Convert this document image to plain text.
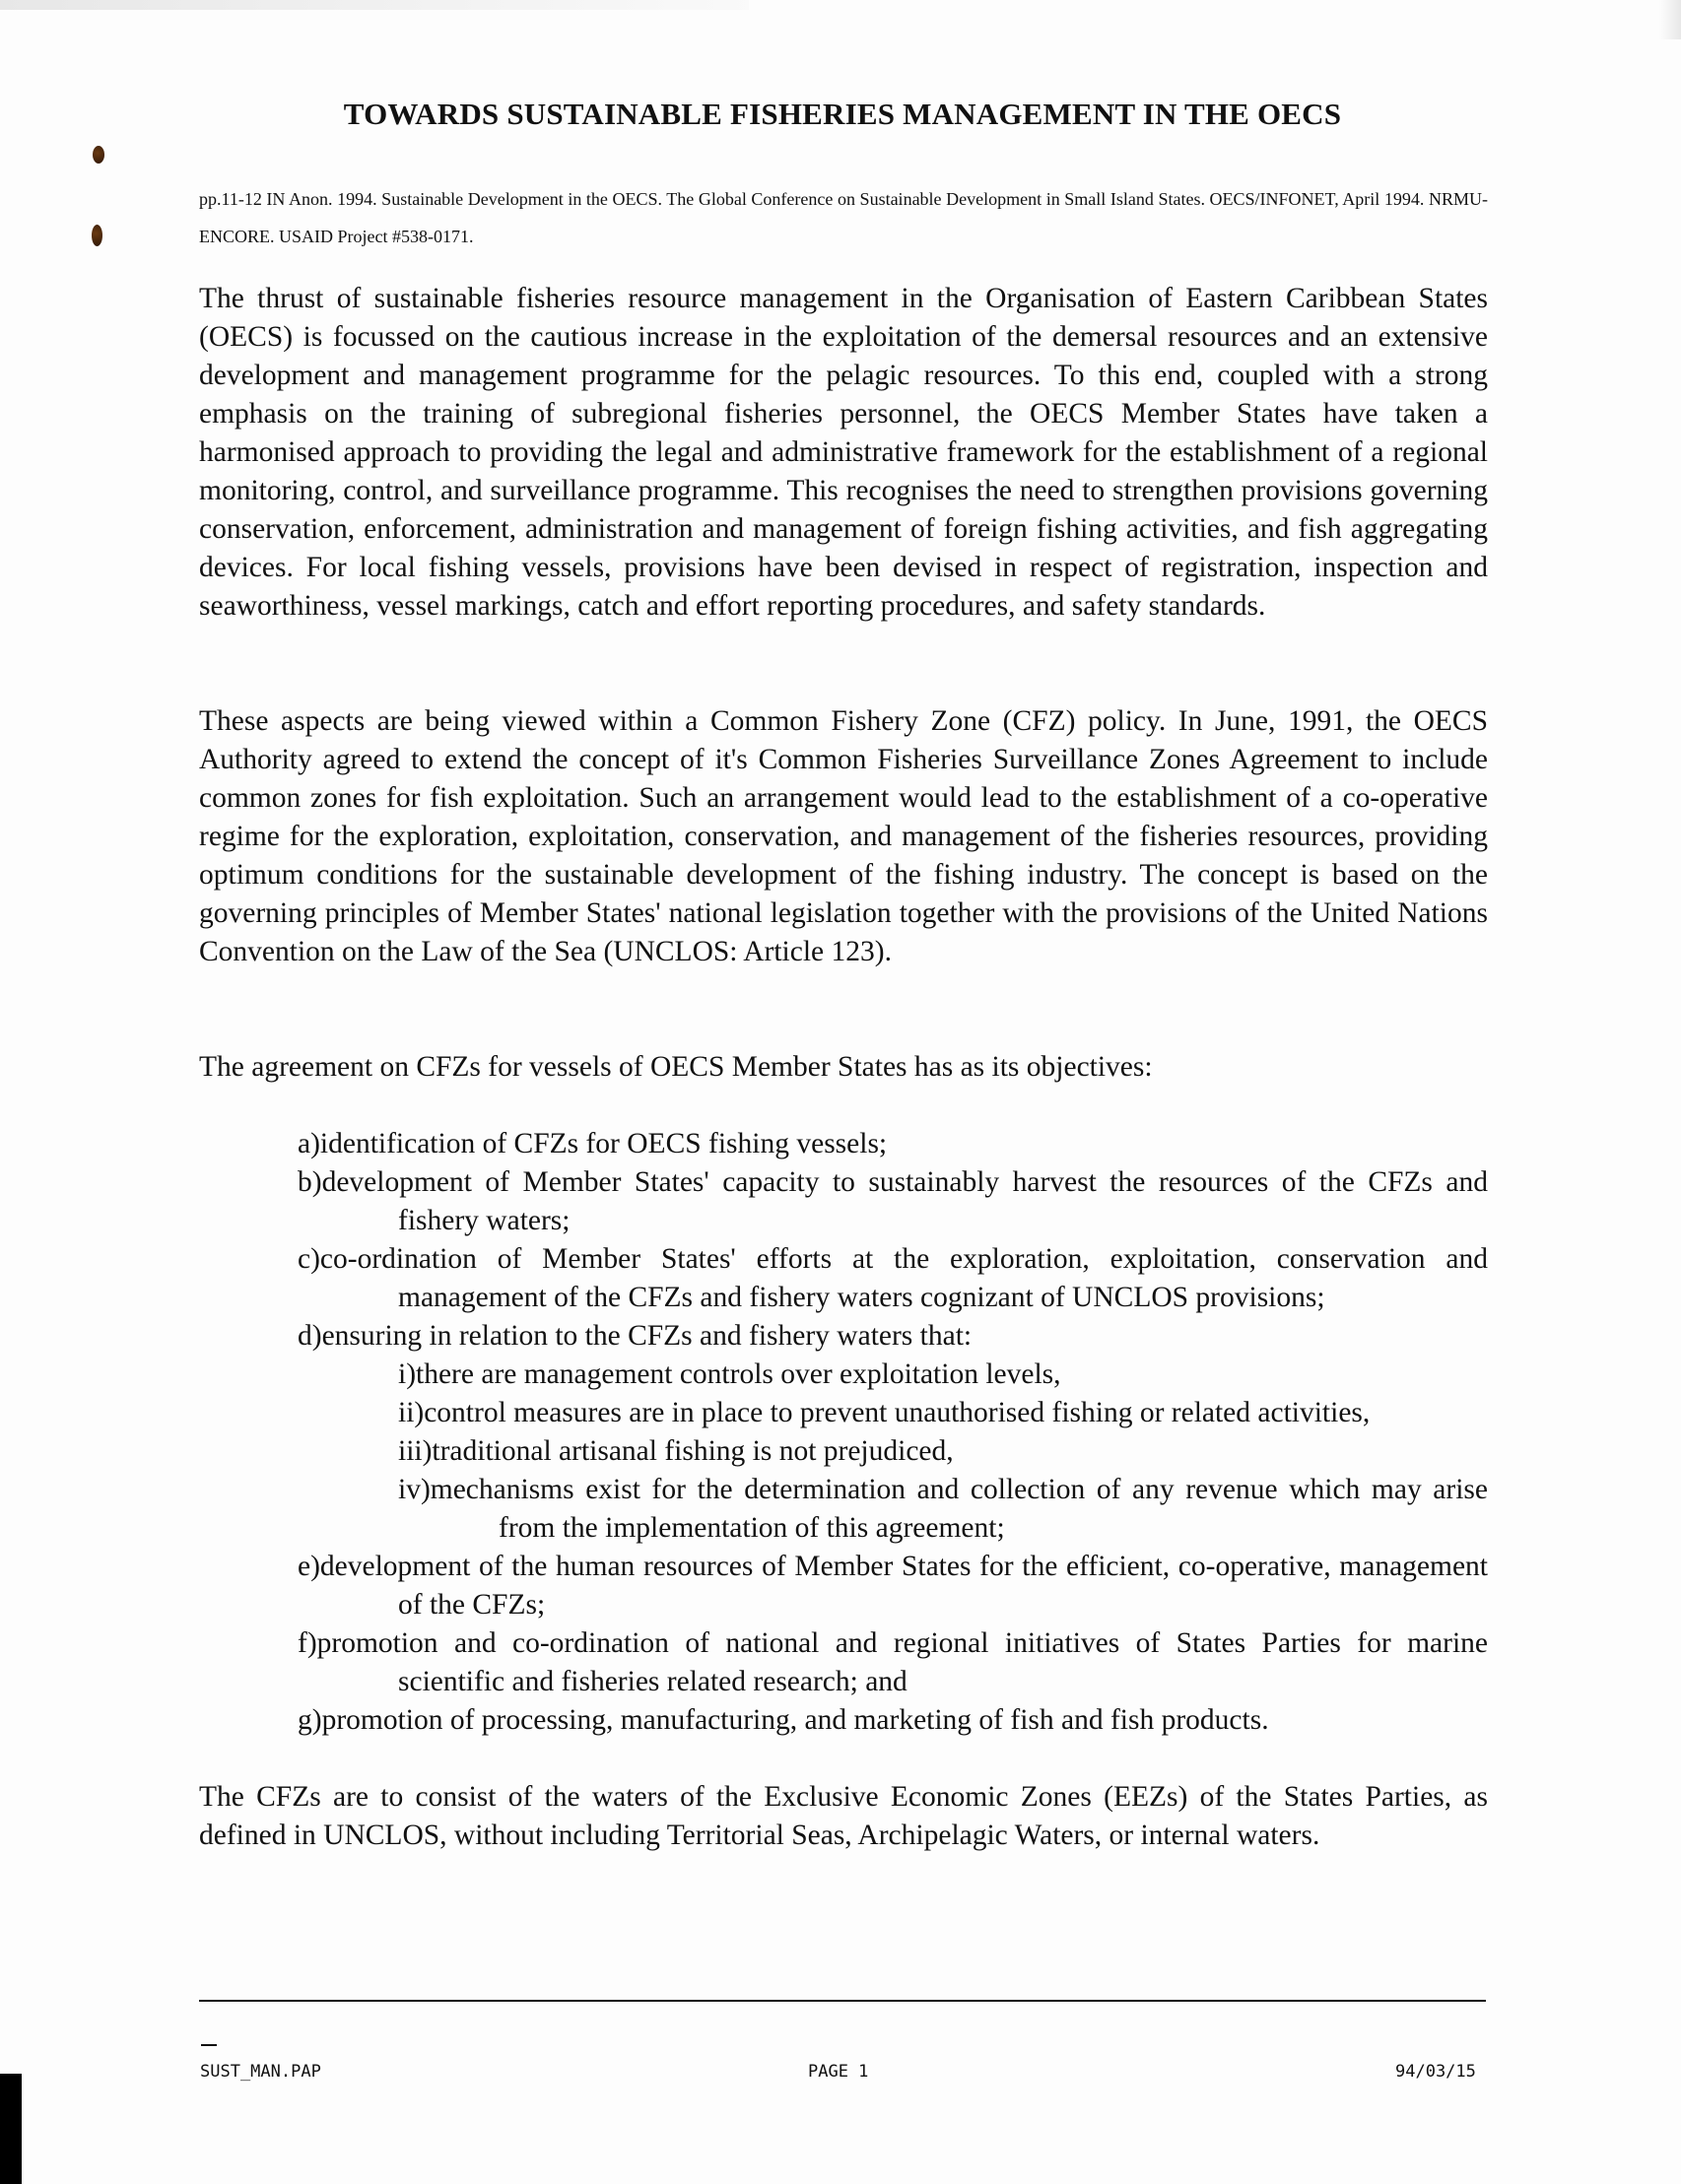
TOWARDS SUSTAINABLE FISHERIES MANAGEMENT IN THE OECS

pp.11-12 IN Anon. 1994. Sustainable Development in the OECS. The Global Conference on Sustainable Development in Small Island States. OECS/INFONET, April 1994. NRMU-ENCORE. USAID Project #538-0171.

The thrust of sustainable fisheries resource management in the Organisation of Eastern Caribbean States (OECS) is focussed on the cautious increase in the exploitation of the demersal resources and an extensive development and management programme for the pelagic resources. To this end, coupled with a strong emphasis on the training of subregional fisheries personnel, the OECS Member States have taken a harmonised approach to providing the legal and administrative framework for the establishment of a regional monitoring, control, and surveillance programme. This recognises the need to strengthen provisions governing conservation, enforcement, administration and management of foreign fishing activities, and fish aggregating devices. For local fishing vessels, provisions have been devised in respect of registration, inspection and seaworthiness, vessel markings, catch and effort reporting procedures, and safety standards.

These aspects are being viewed within a Common Fishery Zone (CFZ) policy. In June, 1991, the OECS Authority agreed to extend the concept of it's Common Fisheries Surveillance Zones Agreement to include common zones for fish exploitation. Such an arrangement would lead to the establishment of a co-operative regime for the exploration, exploitation, conservation, and management of the fisheries resources, providing optimum conditions for the sustainable development of the fishing industry. The concept is based on the governing principles of Member States' national legislation together with the provisions of the United Nations Convention on the Law of the Sea (UNCLOS: Article 123).

The agreement on CFZs for vessels of OECS Member States has as its objectives:

a)identification of CFZs for OECS fishing vessels;
b)development of Member States' capacity to sustainably harvest the resources of the CFZs and fishery waters;
c)co-ordination of Member States' efforts at the exploration, exploitation, conservation and management of the CFZs and fishery waters cognizant of UNCLOS provisions;
d)ensuring in relation to the CFZs and fishery waters that:
i)there are management controls over exploitation levels,
ii)control measures are in place to prevent unauthorised fishing or related activities,
iii)traditional artisanal fishing is not prejudiced,
iv)mechanisms exist for the determination and collection of any revenue which may arise from the implementation of this agreement;
e)development of the human resources of Member States for the efficient, co-operative, management of the CFZs;
f)promotion and co-ordination of national and regional initiatives of States Parties for marine scientific and fisheries related research; and
g)promotion of processing, manufacturing, and marketing of fish and fish products.

The CFZs are to consist of the waters of the Exclusive Economic Zones (EEZs) of the States Parties, as defined in UNCLOS, without including Territorial Seas, Archipelagic Waters, or internal waters.

SUST_MAN.PAP	PAGE 1	94/03/15
